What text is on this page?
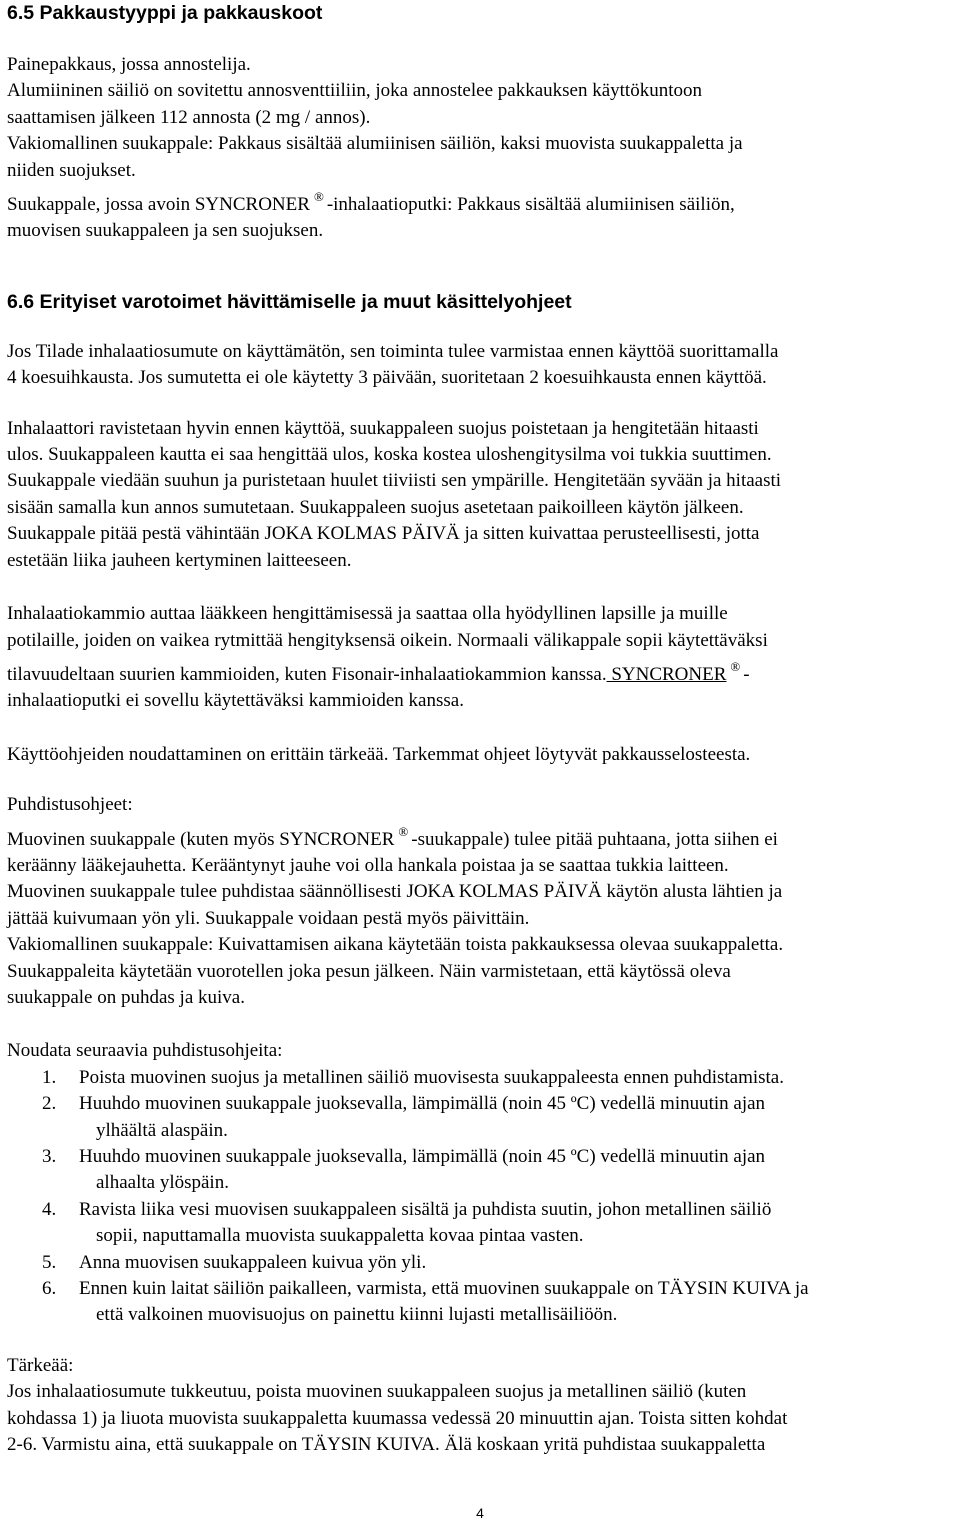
6.5 Pakkaustyyppi ja pakkauskoot

Painepakkaus, jossa annostelija.

Alumiininen säiliö on sovitettu annosventtiiliin, joka annostelee pakkauksen käyttökuntoon

saattamisen jälkeen 112 annosta (2 mg / annos).

Vakiomallinen suukappale: Pakkaus sisältää alumiinisen säiliön, kaksi muovista suukappaletta ja

niiden suojukset.

Suukappale, jossa avoin SYNCRONER ® -inhalaatioputki: Pakkaus sisältää alumiinisen säiliön,

muovisen suukappaleen ja sen suojuksen.

6.6 Erityiset varotoimet hävittämiselle ja muut käsittelyohjeet

Jos Tilade inhalaatiosumute on käyttämätön, sen toiminta tulee varmistaa ennen käyttöä suorittamalla

4 koesuihkausta. Jos sumutetta ei ole käytetty 3 päivään, suoritetaan 2 koesuihkausta ennen käyttöä.

Inhalaattori ravistetaan hyvin ennen käyttöä, suukappaleen suojus poistetaan ja hengitetään hitaasti

ulos. Suukappaleen kautta ei saa hengittää ulos, koska kostea uloshengitysilma voi tukkia suuttimen.

Suukappale viedään suuhun ja puristetaan huulet tiiviisti sen ympärille. Hengitetään syvään ja hitaasti

sisään samalla kun annos sumutetaan. Suukappaleen suojus asetetaan paikoilleen käytön jälkeen.

Suukappale pitää pestä vähintään JOKA KOLMAS PÄIVÄ ja sitten kuivattaa perusteellisesti, jotta

estetään liika jauheen kertyminen laitteeseen.

Inhalaatiokammio auttaa lääkkeen hengittämisessä ja saattaa olla hyödyllinen lapsille ja muille

potilaille, joiden on vaikea rytmittää hengityksensä oikein. Normaali välikappale sopii käytettäväksi

tilavuudeltaan suurien kammioiden, kuten Fisonair-inhalaatiokammion kanssa. SYNCRONER ® -

inhalaatioputki ei sovellu käytettäväksi kammioiden kanssa.

Käyttöohjeiden noudattaminen on erittäin tärkeää. Tarkemmat ohjeet löytyvät pakkausselosteesta.

Puhdistusohjeet:

Muovinen suukappale (kuten myös SYNCRONER ® -suukappale) tulee pitää puhtaana, jotta siihen ei

keräänny lääkejauhetta. Kerääntynyt jauhe voi olla hankala poistaa ja se saattaa tukkia laitteen.

Muovinen suukappale tulee puhdistaa säännöllisesti JOKA KOLMAS PÄIVÄ käytön alusta lähtien ja

jättää kuivumaan yön yli. Suukappale voidaan pestä myös päivittäin.

Vakiomallinen suukappale: Kuivattamisen aikana käytetään toista pakkauksessa olevaa suukappaletta.

Suukappaleita käytetään vuorotellen joka pesun jälkeen. Näin varmistetaan, että käytössä oleva

suukappale on puhdas ja kuiva.

Noudata seuraavia puhdistusohjeita:

1. Poista muovinen suojus ja metallinen säiliö muovisesta suukappaleesta ennen puhdistamista.
2. Huuhdo muovinen suukappale juoksevalla, lämpimällä (noin 45 ºC) vedellä minuutin ajan
ylhäältä alaspäin.
3. Huuhdo muovinen suukappale juoksevalla, lämpimällä (noin 45 ºC) vedellä minuutin ajan
alhaalta ylöspäin.
4. Ravista liika vesi muovisen suukappaleen sisältä ja puhdista suutin, johon metallinen säiliö
sopii, naputtamalla muovista suukappaletta kovaa pintaa vasten.
5. Anna muovisen suukappaleen kuivua yön yli.
6. Ennen kuin laitat säiliön paikalleen, varmista, että muovinen suukappale on TÄYSIN KUIVA ja
että valkoinen muovisuojus on painettu kiinni lujasti metallisäiliöön.

Tärkeää:

Jos inhalaatiosumute tukkeutuu, poista muovinen suukappaleen suojus ja metallinen säiliö (kuten

kohdassa 1) ja liuota muovista suukappaletta kuumassa vedessä 20 minuuttin ajan. Toista sitten kohdat

2-6. Varmistu aina, että suukappale on TÄYSIN KUIVA. Älä koskaan yritä puhdistaa suukappaletta

4
